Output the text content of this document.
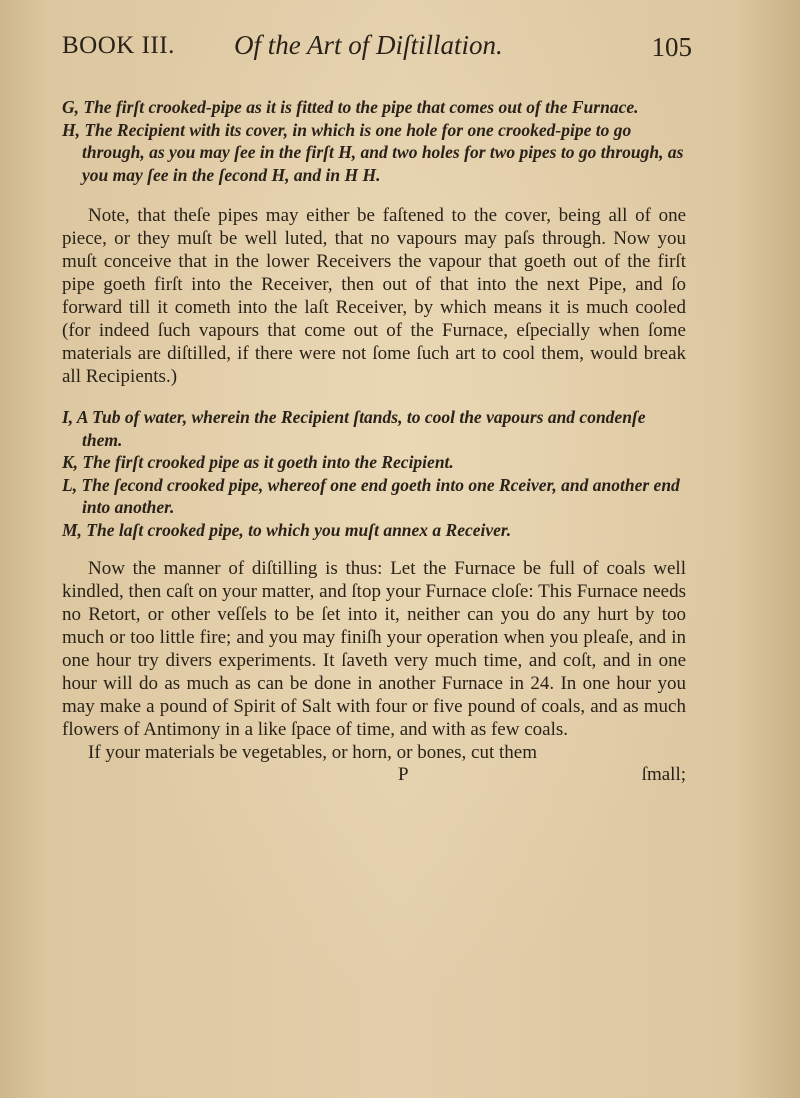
BOOK III. Of the Art of Diſtillation.	105

G, The firſt crooked-pipe as it is fitted to the pipe that comes out of the Furnace.

H, The Recipient with its cover, in which is one hole for one crooked-pipe to go through, as you may ſee in the firſt H, and two holes for two pipes to go through, as you may ſee in the ſecond H, and in H H.

Note, that theſe pipes may either be faſtened to the cover, being all of one piece, or they muſt be well luted, that no vapours may paſs through. Now you muſt conceive that in the lower Receivers the vapour that goeth out of the firſt pipe goeth firſt into the Receiver, then out of that into the next Pipe, and ſo forward till it cometh into the laſt Receiver, by which means it is much cooled (for indeed ſuch vapours that come out of the Furnace, eſpecially when ſome materials are diſtilled, if there were not ſome ſuch art to cool them, would break all Recipients.)

I, A Tub of water, wherein the Recipient ſtands, to cool the vapours and condenſe them.

K, The firſt crooked pipe as it goeth into the Recipient.

L, The ſecond crooked pipe, whereof one end goeth into one Rceiver, and another end into another.

M, The laſt crooked pipe, to which you muſt annex a Receiver.

Now the manner of diſtilling is thus: Let the Furnace be full of coals well kindled, then caſt on your matter, and ſtop your Furnace cloſe: This Furnace needs no Retort, or other veſſels to be ſet into it, neither can you do any hurt by too much or too little fire; and you may finiſh your operation when you pleaſe, and in one hour try divers experiments. It ſaveth very much time, and coſt, and in one hour will do as much as can be done in another Furnace in 24. In one hour you may make a pound of Spirit of Salt with four or five pound of coals, and as much flowers of Antimony in a like ſpace of time, and with as few coals.

If your materials be vegetables, or horn, or bones, cut them

P	ſmall;
